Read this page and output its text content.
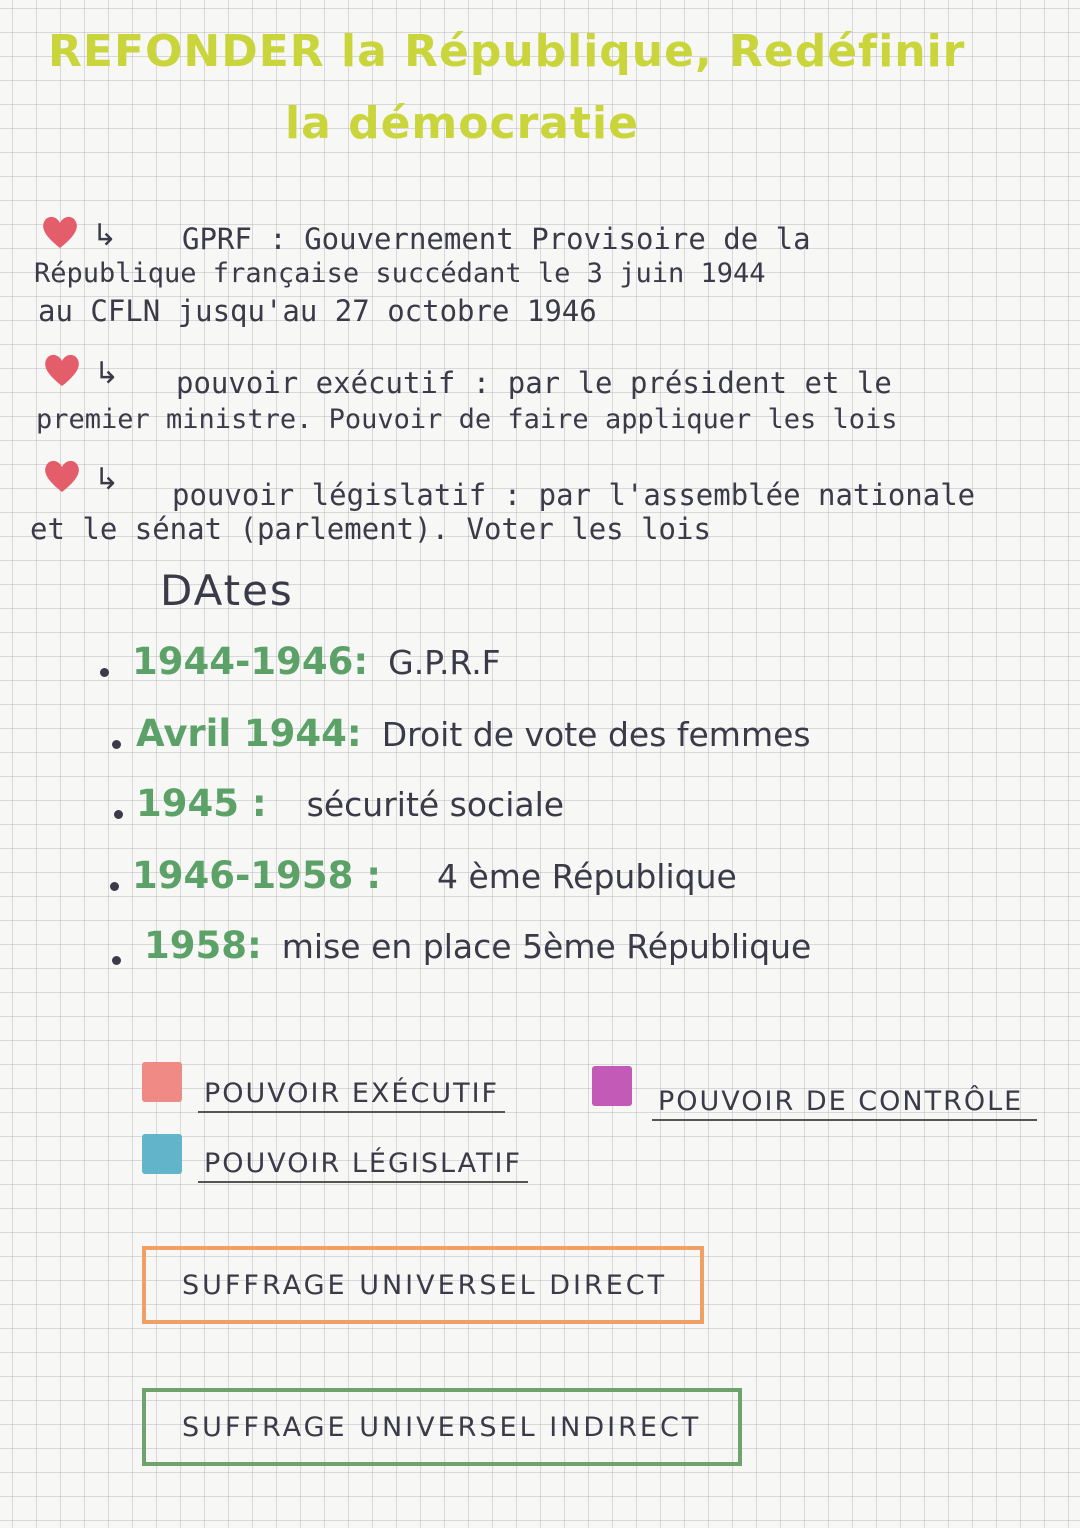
REFONDER la République, Redéfinir
la démocratie
↳ GPRF : Gouvernement Provisoire de la
République française succédant le 3 juin 1944
au CFLN jusqu'au 27 octobre 1946
↳ pouvoir exécutif : par le président et le
premier ministre. Pouvoir de faire appliquer les lois
↳ pouvoir législatif : par l'assemblée nationale
et le sénat (parlement). Voter les lois
DAtes
1944-1946: G.P.R.F
Avril 1944: Droit de vote des femmes
1945 : sécurité sociale
1946-1958 : 4 ème République
1958: mise en place 5ème République
POUVOIR EXÉCUTIF	POUVOIR DE CONTRÔLE
POUVOIR LÉGISLATIF
SUFFRAGE UNIVERSEL DIRECT
SUFFRAGE UNIVERSEL INDIRECT
